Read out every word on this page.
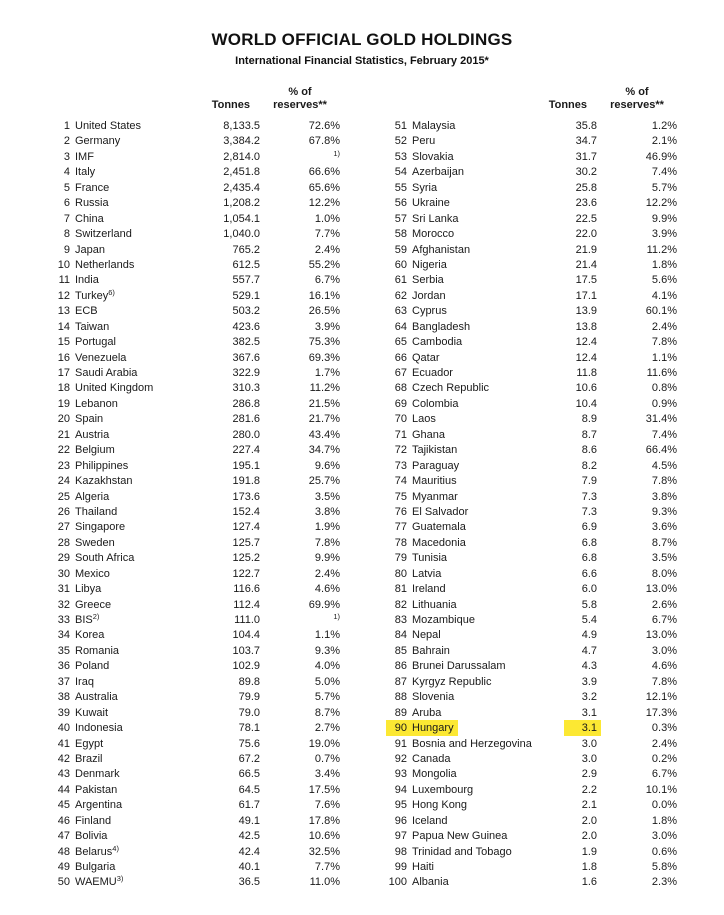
WORLD OFFICIAL GOLD HOLDINGS
International Financial Statistics, February 2015*
Tonnes
% of
reserves**
1 United States	8,133.5	72.6%
2 Germany	3,384.2	67.8%
3 IMF	2,814.0	$^{1)}$
4 Italy	2,451.8	66.6%
5 France	2,435.4	65.6%
6 Russia	1,208.2	12.2%
7 China	1,054.1	1.0%
8 Switzerland	1,040.0	7.7%
9 Japan	765.2	2.4%
10 Netherlands	612.5	55.2%
11 India	557.7	6.7%
12 Turkey$^{6)}$	529.1	16.1%
13 ECB	503.2	26.5%
14 Taiwan	423.6	3.9%
15 Portugal	382.5	75.3%
16 Venezuela	367.6	69.3%
17 Saudi Arabia	322.9	1.7%
18 United Kingdom	310.3	11.2%
19 Lebanon	286.8	21.5%
20 Spain	281.6	21.7%
21 Austria	280.0	43.4%
22 Belgium	227.4	34.7%
23 Philippines	195.1	9.6%
24 Kazakhstan	191.8	25.7%
25 Algeria	173.6	3.5%
26 Thailand	152.4	3.8%
27 Singapore	127.4	1.9%
28 Sweden	125.7	7.8%
29 South Africa	125.2	9.9%
30 Mexico	122.7	2.4%
31 Libya	116.6	4.6%
32 Greece	112.4	69.9%
33 BIS$^{2)}$	111.0	$^{1)}$
34 Korea	104.4	1.1%
35 Romania	103.7	9.3%
36 Poland	102.9	4.0%
37 Iraq	89.8	5.0%
38 Australia	79.9	5.7%
39 Kuwait	79.0	8.7%
40 Indonesia	78.1	2.7%
41 Egypt	75.6	19.0%
42 Brazil	67.2	0.7%
43 Denmark	66.5	3.4%
44 Pakistan	64.5	17.5%
45 Argentina	61.7	7.6%
46 Finland	49.1	17.8%
47 Bolivia	42.5	10.6%
48 Belarus$^{4)}$	42.4	32.5%
49 Bulgaria	40.1	7.7%
50 WAEMU$^{3)}$	36.5	11.0%
Tonnes
% of
reserves**
51 Malaysia	35.8	1.2%
52 Peru	34.7	2.1%
53 Slovakia	31.7	46.9%
54 Azerbaijan	30.2	7.4%
55 Syria	25.8	5.7%
56 Ukraine	23.6	12.2%
57 Sri Lanka	22.5	9.9%
58 Morocco	22.0	3.9%
59 Afghanistan	21.9	11.2%
60 Nigeria	21.4	1.8%
61 Serbia	17.5	5.6%
62 Jordan	17.1	4.1%
63 Cyprus	13.9	60.1%
64 Bangladesh	13.8	2.4%
65 Cambodia	12.4	7.8%
66 Qatar	12.4	1.1%
67 Ecuador	11.8	11.6%
68 Czech Republic	10.6	0.8%
69 Colombia	10.4	0.9%
70 Laos	8.9	31.4%
71 Ghana	8.7	7.4%
72 Tajikistan	8.6	66.4%
73 Paraguay	8.2	4.5%
74 Mauritius	7.9	7.8%
75 Myanmar	7.3	3.8%
76 El Salvador	7.3	9.3%
77 Guatemala	6.9	3.6%
78 Macedonia	6.8	8.7%
79 Tunisia	6.8	3.5%
80 Latvia	6.6	8.0%
81 Ireland	6.0	13.0%
82 Lithuania	5.8	2.6%
83 Mozambique	5.4	6.7%
84 Nepal	4.9	13.0%
85 Bahrain	4.7	3.0%
86 Brunei Darussalam	4.3	4.6%
87 Kyrgyz Republic	3.9	7.8%
88 Slovenia	3.2	12.1%
89 Aruba	3.1	17.3%
90 Hungary	3.1	0.3%
91 Bosnia and Herzegovina	3.0	2.4%
92 Canada	3.0	0.2%
93 Mongolia	2.9	6.7%
94 Luxembourg	2.2	10.1%
95 Hong Kong	2.1	0.0%
96 Iceland	2.0	1.8%
97 Papua New Guinea	2.0	3.0%
98 Trinidad and Tobago	1.9	0.6%
99 Haiti	1.8	5.8%
100 Albania	1.6	2.3%
